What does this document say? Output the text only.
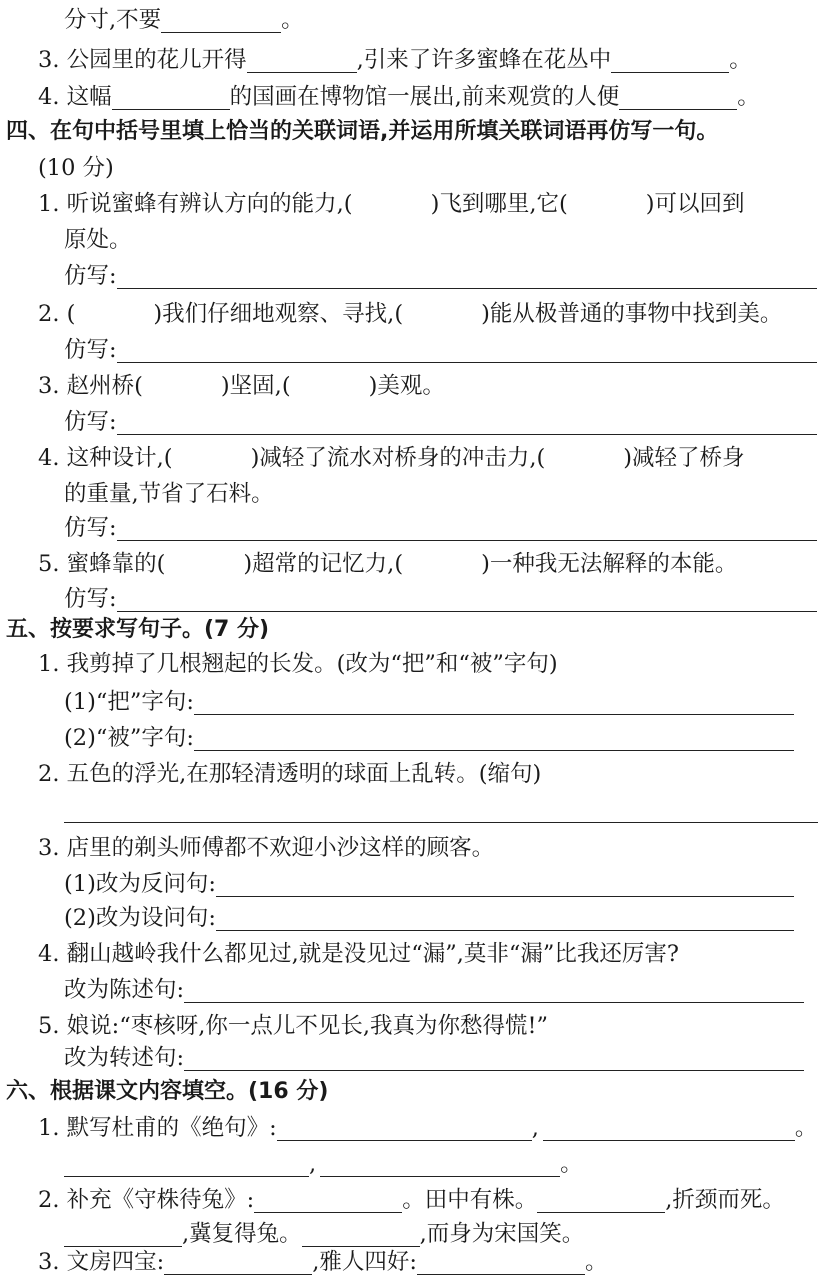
分寸,不要	。
3. 公园里的花儿开得	,引来了许多蜜蜂在花丛中	。
4. 这幅	的国画在博物馆一展出,前来观赏的人便	。
四、在句中括号里填上恰当的关联词语,并运用所填关联词语再仿写一句。
(10 分)
1. 听说蜜蜂有辨认方向的能力,(	)飞到哪里,它(	)可以回到
原处。
仿写:
2. (	)我们仔细地观察、寻找,(	)能从极普通的事物中找到美。
仿写:
3. 赵州桥(	)坚固,(	)美观。
仿写:
4. 这种设计,(	)减轻了流水对桥身的冲击力,(	)减轻了桥身
的重量,节省了石料。
仿写:
5. 蜜蜂靠的(	)超常的记忆力,(	)一种我无法解释的本能。
仿写:
五、按要求写句子。(7 分)
1. 我剪掉了几根翘起的长发。(改为“把”和“被”字句)
(1)“把”字句:
(2)“被”字句:
2. 五色的浮光,在那轻清透明的球面上乱转。(缩句)
3. 店里的剃头师傅都不欢迎小沙这样的顾客。
(1)改为反问句:
(2)改为设问句:
4. 翻山越岭我什么都见过,就是没见过“漏”,莫非“漏”比我还厉害?
改为陈述句:
5. 娘说:“枣核呀,你一点儿不见长,我真为你愁得慌!”
改为转述句:
六、根据课文内容填空。(16 分)
1. 默写杜甫的《绝句》:	,	。
,	。
2. 补充《守株待兔》:	。田中有株。	,折颈而死。
,冀复得兔。	,而身为宋国笑。
3. 文房四宝:	,雅人四好:	。
